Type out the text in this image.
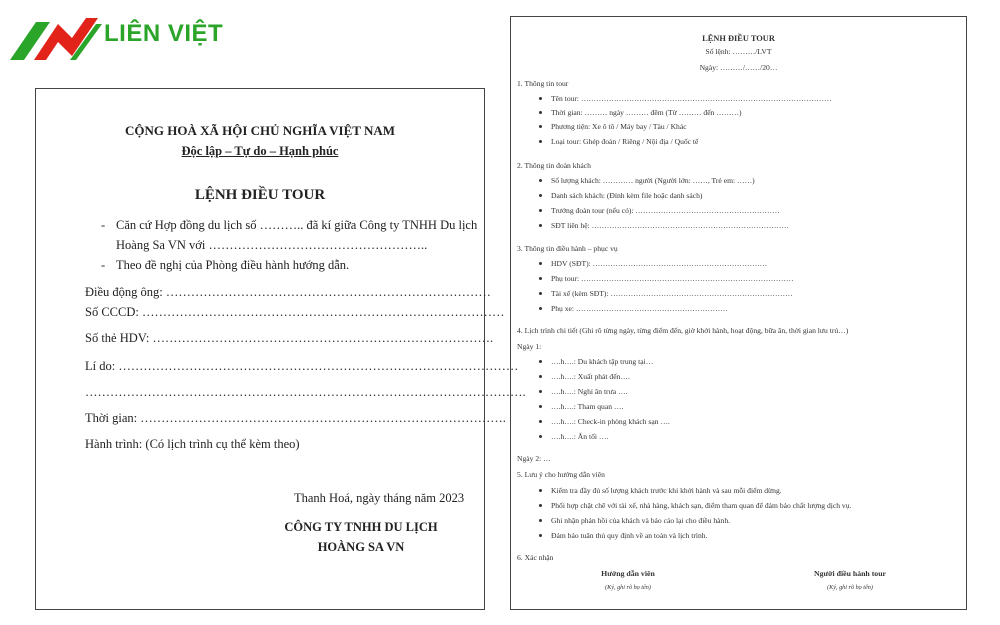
LIÊN VIỆT
CỘNG HOÀ XÃ HỘI CHỦ NGHĨA VIỆT NAM
Độc lập – Tự do – Hạnh phúc
LỆNH ĐIỀU TOUR
- Căn cứ Hợp đồng du lịch số ……….. đã kí giữa Công ty TNHH Du lịch Hoàng Sa VN với ……………………………………………..
- Theo đề nghị của Phòng điều hành hướng dẫn.
Điều động ông: ……………………………………………………………………
Số CCCD: ……………………………………………………………………………
Số thẻ HDV: ……………………………………………………………………….
Lí do: ……………………………………………………………………………………
…………………………………………………………………………………………….
Thời gian: …………………………………………………………………………….
Hành trình: (Có lịch trình cụ thể kèm theo)
Thanh Hoá, ngày tháng năm 2023
CÔNG TY TNHH DU LỊCH
HOÀNG SA VN
LỆNH ĐIỀU TOUR
Số lệnh: ………/LVT
Ngày: ………/……/20…
1. Thông tin tour
Tên tour: ………………………………………………………………………………………
Thời gian: ……… ngày ……… đêm (Từ ……… đến ………)
Phương tiện: Xe ô tô / Máy bay / Tàu / Khác
Loại tour: Ghép đoàn / Riêng / Nội địa / Quốc tế
2. Thông tin đoàn khách
Số lượng khách: ………… người (Người lớn: ……, Trẻ em: ……)
Danh sách khách: (Đính kèm file hoặc danh sách)
Trưởng đoàn tour (nếu có): …………………………………………………
SĐT liên hệ: ……………………………………………………………………
3. Thông tin điều hành – phục vụ
HDV (SĐT): ……………………………………………………………
Phụ tour: …………………………………………………………………………
Tài xế (kèm SĐT): ………………………………………………………………
Phụ xe: ……………………………………………………
4. Lịch trình chi tiết (Ghi rõ từng ngày, từng điểm đến, giờ khởi hành, hoạt động, bữa ăn, thời gian lưu trú…)
Ngày 1:
….h….: Du khách tập trung tại…
….h….: Xuất phát đến….
….h….: Nghỉ ăn trưa ….
….h….: Tham quan ….
….h….: Check-in phòng khách sạn ….
….h….: Ăn tối ….
Ngày 2: …
5. Lưu ý cho hướng dẫn viên
Kiểm tra đầy đủ số lượng khách trước khi khởi hành và sau mỗi điểm dừng.
Phối hợp chặt chẽ với tài xế, nhà hàng, khách sạn, điểm tham quan để đảm bảo chất lượng dịch vụ.
Ghi nhận phản hồi của khách và báo cáo lại cho điều hành.
Đảm bảo tuân thủ quy định về an toàn và lịch trình.
6. Xác nhận
Hướng dẫn viên
(Ký, ghi rõ họ tên)
Người điều hành tour
(Ký, ghi rõ họ tên)
